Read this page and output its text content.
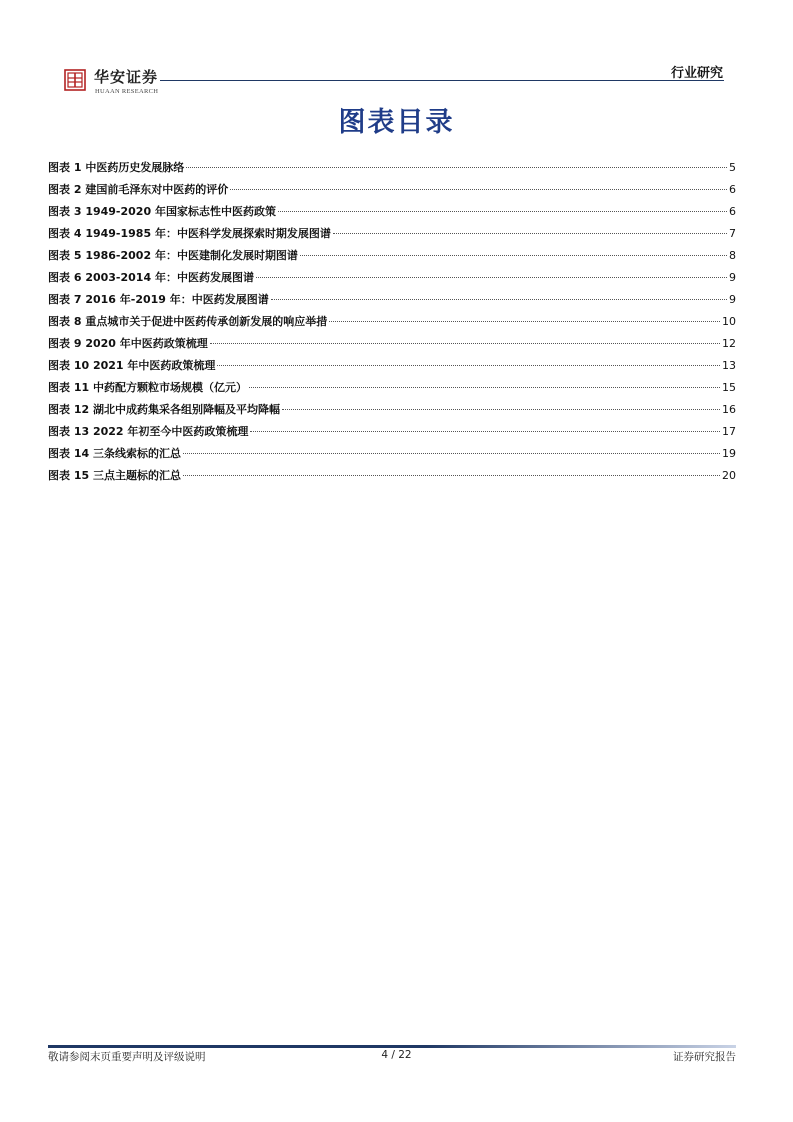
华安证券
HUAAN RESEARCH
行业研究
图表目录
图表 1 中医药历史发展脉络	5
图表 2 建国前毛泽东对中医药的评价	6
图表 3 1949-2020 年国家标志性中医药政策	6
图表 4 1949-1985 年：中医科学发展探索时期发展图谱	7
图表 5 1986-2002 年：中医建制化发展时期图谱	8
图表 6 2003-2014 年：中医药发展图谱	9
图表 7 2016 年-2019 年：中医药发展图谱	9
图表 8 重点城市关于促进中医药传承创新发展的响应举措	10
图表 9 2020 年中医药政策梳理	12
图表 10 2021 年中医药政策梳理	13
图表 11 中药配方颗粒市场规模（亿元）	15
图表 12 湖北中成药集采各组别降幅及平均降幅	16
图表 13 2022 年初至今中医药政策梳理	17
图表 14 三条线索标的汇总	19
图表 15 三点主题标的汇总	20
敬请参阅末页重要声明及评级说明	4 / 22	证券研究报告
